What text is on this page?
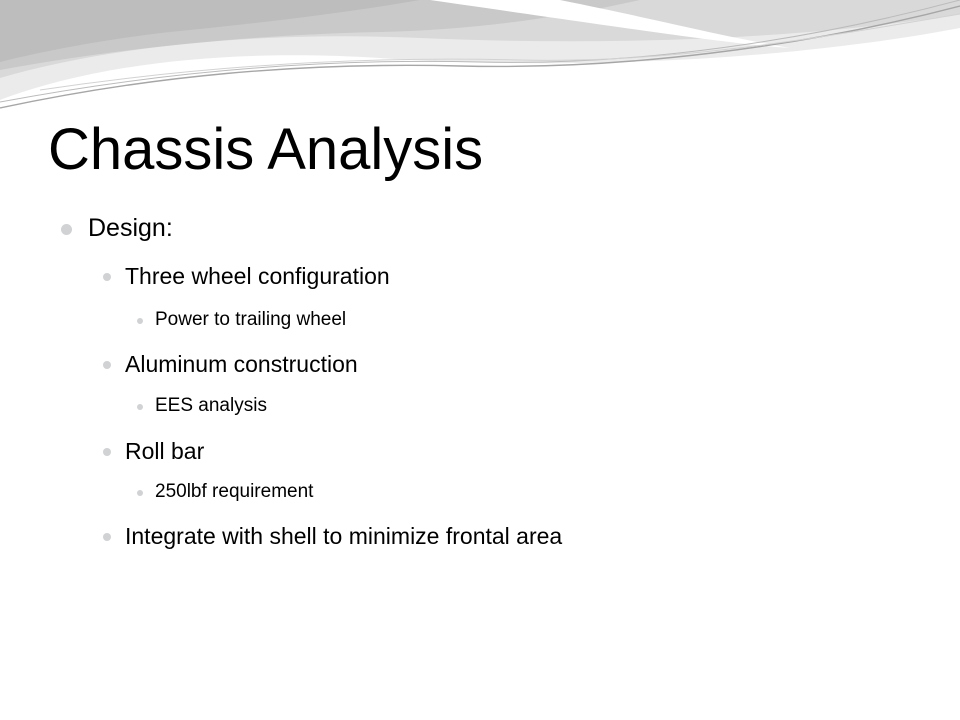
Chassis Analysis
Design:
Three wheel configuration
Power to trailing wheel
Aluminum construction
EES analysis
Roll bar
250lbf requirement
Integrate with shell to minimize frontal area
